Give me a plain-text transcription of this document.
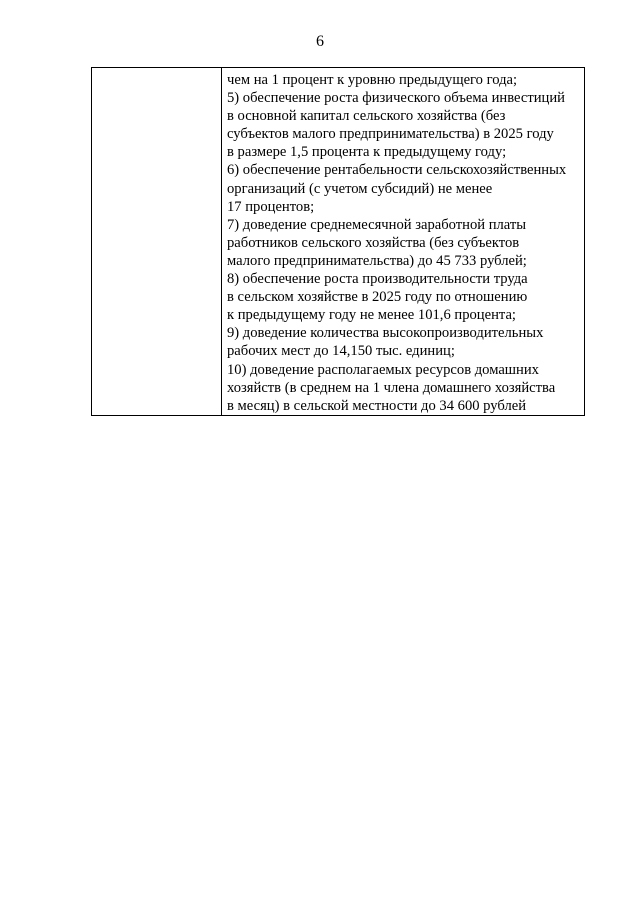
6

чем на 1 процент к уровню предыдущего года;
5) обеспечение роста физического объема инвестиций
в основной капитал сельского хозяйства (без
субъектов малого предпринимательства) в 2025 году
в размере 1,5 процента к предыдущему году;
6) обеспечение рентабельности сельскохозяйственных
организаций (с учетом субсидий) не менее
17 процентов;
7) доведение среднемесячной заработной платы
работников сельского хозяйства (без субъектов
малого предпринимательства) до 45 733 рублей;
8) обеспечение роста производительности труда
в сельском хозяйстве в 2025 году по отношению
к предыдущему году не менее 101,6 процента;
9) доведение количества высокопроизводительных
рабочих мест до 14,150 тыс. единиц;
10) доведение располагаемых ресурсов домашних
хозяйств (в среднем на 1 члена домашнего хозяйства
в месяц) в сельской местности до 34 600 рублей
